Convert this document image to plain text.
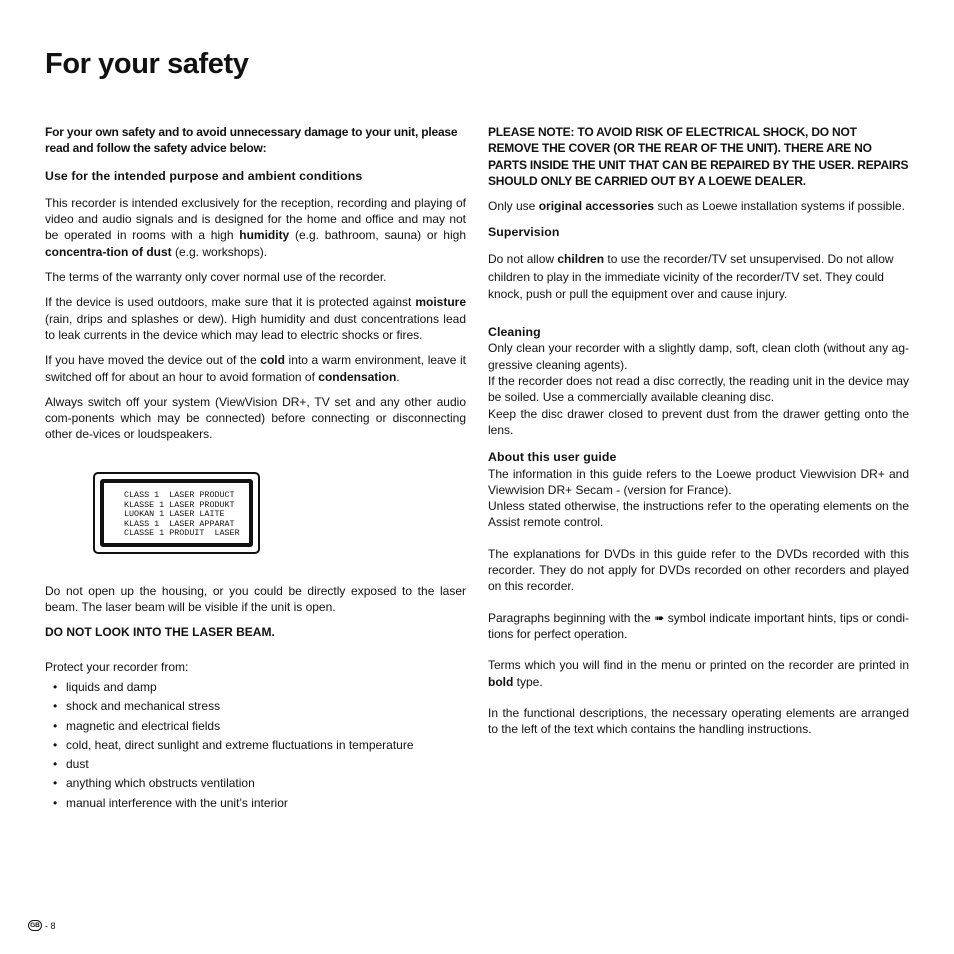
For your safety

For your own safety and to avoid unnecessary damage to your unit, please read and follow the safety advice below:

Use for the intended purpose and ambient conditions

This recorder is intended exclusively for the reception, recording and playing of video and audio signals and is designed for the home and office and may not be operated in rooms with a high humidity (e.g. bathroom, sauna) or high concentra-tion of dust (e.g. workshops).

The terms of the warranty only cover normal use of the recorder.

If the device is used outdoors, make sure that it is protected against moisture (rain, drips and splashes or dew). High humidity and dust concentrations lead to leak currents in the device which may lead to electric shocks or fires.

If you have moved the device out of the cold into a warm environment, leave it switched off for about an hour to avoid formation of condensation.

Always switch off your system (ViewVision DR+, TV set and any other audio com-ponents which may be connected) before connecting or disconnecting other de-vices or loudspeakers.

Do not open up the housing, or you could be directly exposed to the laser beam. The laser beam will be visible if the unit is open.

DO NOT LOOK INTO THE LASER BEAM.

Protect your recorder from:

• liquids and damp
• shock and mechanical stress
• magnetic and electrical fields
• cold, heat, direct sunlight and extreme fluctuations in temperature
• dust
• anything which obstructs ventilation
• manual interference with the unit’s interior
CLASS 1  LASER PRODUCT
KLASSE 1 LASER PRODUKT
LUOKAN 1 LASER LAITE
KLASS 1  LASER APPARAT
CLASSE 1 PRODUIT  LASER

PLEASE NOTE: TO AVOID RISK OF ELECTRICAL SHOCK, DO NOT REMOVE THE COVER (OR THE REAR OF THE UNIT). THERE ARE NO PARTS INSIDE THE UNIT THAT CAN BE REPAIRED BY THE USER. REPAIRS SHOULD ONLY BE CARRIED OUT BY A LOEWE DEALER.

Only use original accessories such as Loewe installation systems if possible.

Supervision

Do not allow children to use the recorder/TV set unsupervised. Do not allow children to play in the immediate vicinity of the recorder/TV set. They could knock, push or pull the equipment over and cause injury.

Cleaning

Only clean your recorder with a slightly damp, soft, clean cloth (without any ag-gressive cleaning agents).

If the recorder does not read a disc correctly, the reading unit in the device may be soiled. Use a commercially available cleaning disc.

Keep the disc drawer closed to prevent dust from the drawer getting onto the lens.

About this user guide

The information in this guide refers to the Loewe product Viewvision DR+ and Viewvision DR+ Secam - (version for France).

Unless stated otherwise, the instructions refer to the operating elements on the Assist remote control.

The explanations for DVDs in this guide refer to the DVDs recorded with this recorder. They do not apply for DVDs recorded on other recorders and played on this recorder.

Paragraphs beginning with the ➠ symbol indicate important hints, tips or condi-tions for perfect operation.

Terms which you will find in the menu or printed on the recorder are printed in bold type.

In the functional descriptions, the necessary operating elements are arranged to the left of the text which contains the handling instructions.

GB - 8
